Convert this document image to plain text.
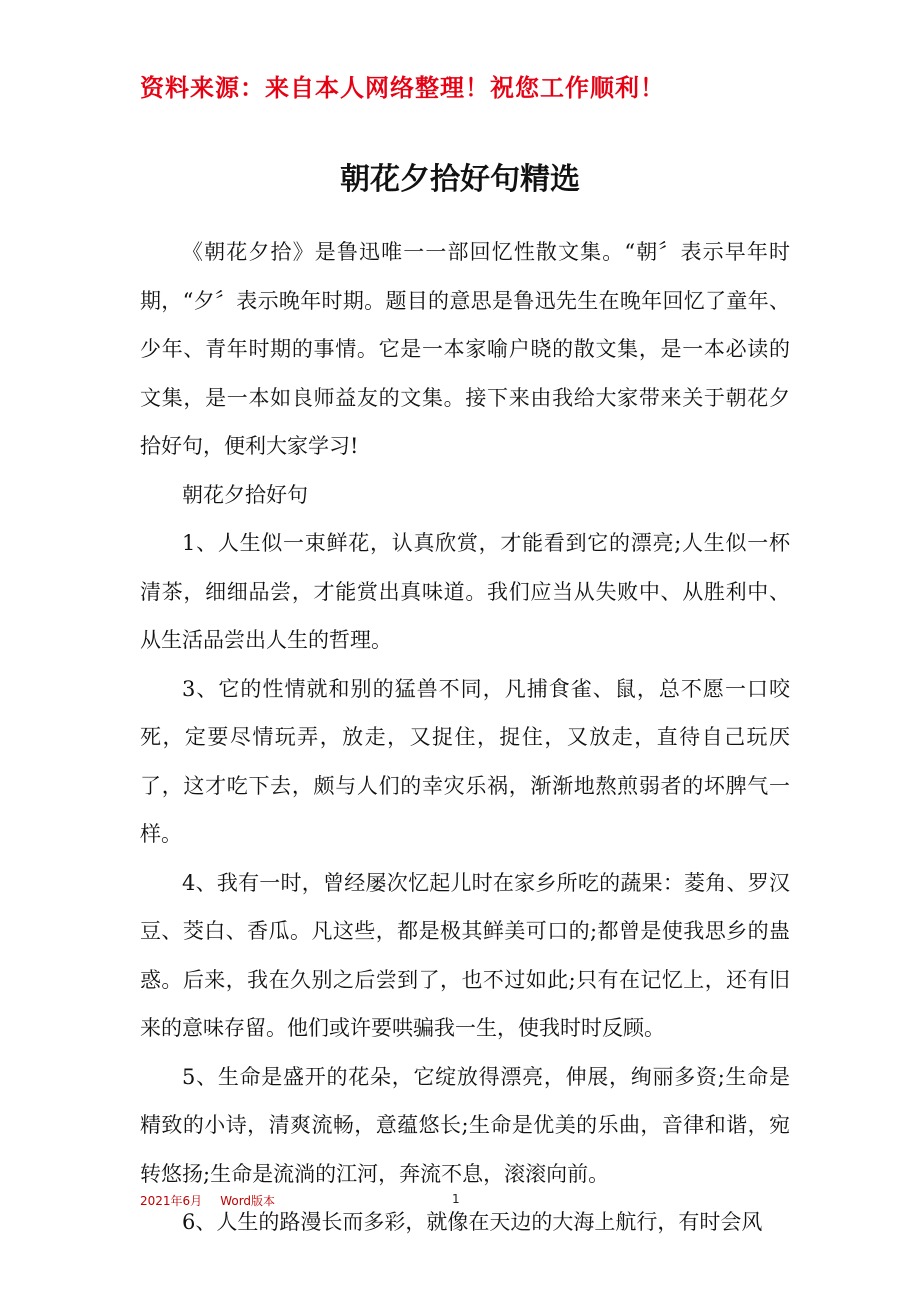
资料来源：来自本人网络整理！祝您工作顺利！
朝花夕拾好句精选

《朝花夕拾》是鲁迅唯一一部回忆性散文集。“朝〞表示早年时期，“夕〞表示晚年时期。题目的意思是鲁迅先生在晚年回忆了童年、少年、青年时期的事情。它是一本家喻户晓的散文集，是一本必读的文集，是一本如良师益友的文集。接下来由我给大家带来关于朝花夕拾好句，便利大家学习!

朝花夕拾好句

1、人生似一束鲜花，认真欣赏，才能看到它的漂亮;人生似一杯清茶，细细品尝，才能赏出真味道。我们应当从失败中、从胜利中、从生活品尝出人生的哲理。

3、它的性情就和别的猛兽不同，凡捕食雀、鼠，总不愿一口咬死，定要尽情玩弄，放走，又捉住，捉住，又放走，直待自己玩厌了，这才吃下去，颇与人们的幸灾乐祸，渐渐地熬煎弱者的坏脾气一样。

4、我有一时，曾经屡次忆起儿时在家乡所吃的蔬果：菱角、罗汉豆、茭白、香瓜。凡这些，都是极其鲜美可口的;都曾是使我思乡的蛊惑。后来，我在久别之后尝到了，也不过如此;只有在记忆上，还有旧来的意味存留。他们或许要哄骗我一生，使我时时反顾。

5、生命是盛开的花朵，它绽放得漂亮，伸展，绚丽多资;生命是精致的小诗，清爽流畅，意蕴悠长;生命是优美的乐曲，音律和谐，宛转悠扬;生命是流淌的江河，奔流不息，滚滚向前。

6、人生的路漫长而多彩，就像在天边的大海上航行，有时会风

2021年6月 Word版本	1
